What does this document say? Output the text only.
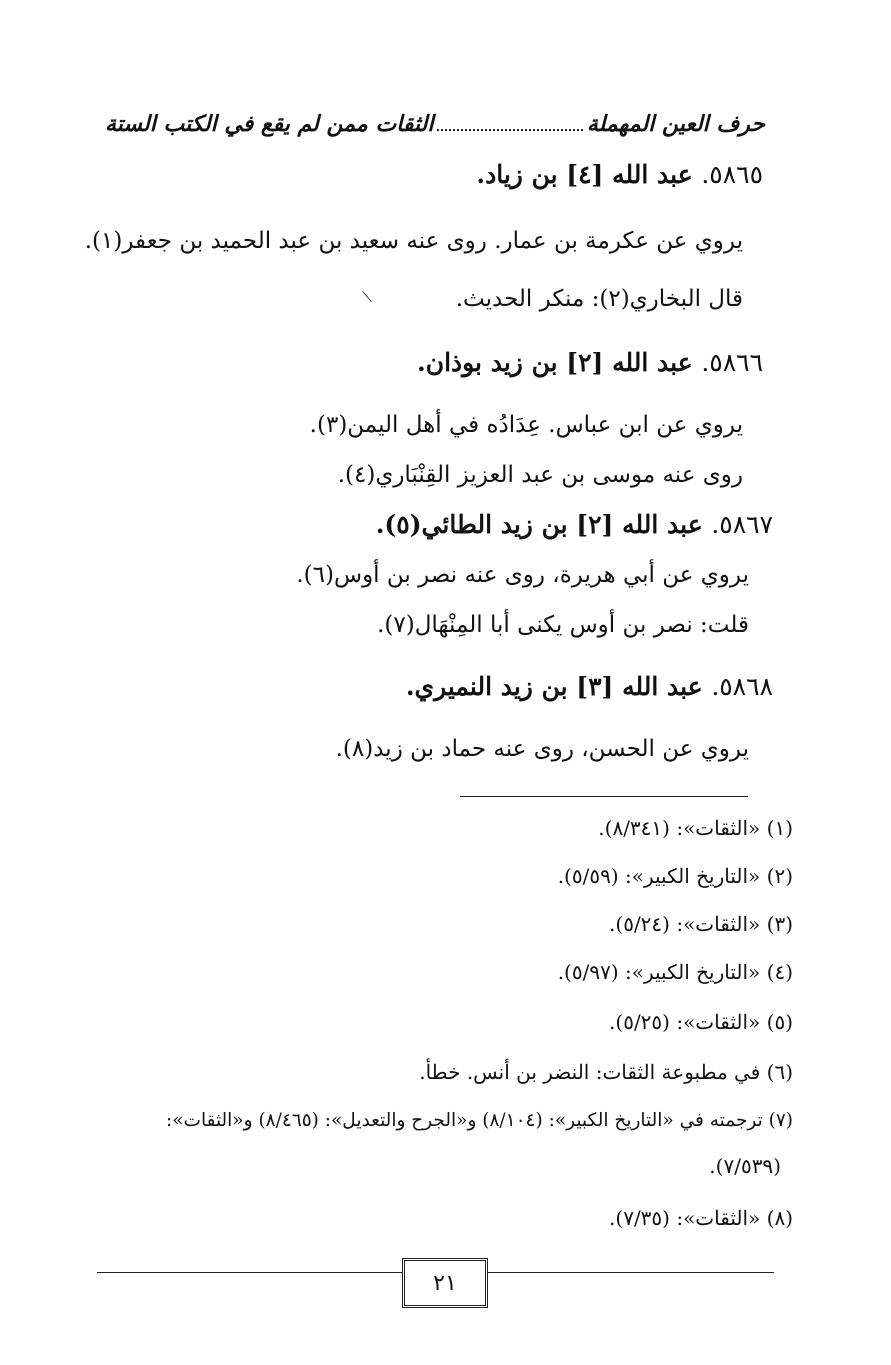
حرف العين المهملة
الثقات ممن لم يقع في الكتب الستة
٥٨٦٥. عبد الله [٤] بن زياد.
يروي عن عكرمة بن عمار. روى عنه سعيد بن عبد الحميد بن جعفر(١).
قال البخاري(٢): منكر الحديث.
٥٨٦٦. عبد الله [٢] بن زيد بوذان.
يروي عن ابن عباس. عِدَادُه في أهل اليمن(٣).
روى عنه موسى بن عبد العزيز القِنْبَاري(٤).
٥٨٦٧. عبد الله [٢] بن زيد الطائي(٥).
يروي عن أبي هريرة، روى عنه نصر بن أوس(٦).
قلت: نصر بن أوس يكنى أبا المِنْهَال(٧).
٥٨٦٨. عبد الله [٣] بن زيد النميري.
يروي عن الحسن، روى عنه حماد بن زيد(٨).
(١) «الثقات»: (٨/٣٤١).
(٢) «التاريخ الكبير»: (٥/٥٩).
(٣) «الثقات»: (٥/٢٤).
(٤) «التاريخ الكبير»: (٥/٩٧).
(٥) «الثقات»: (٥/٢٥).
(٦) في مطبوعة الثقات: النضر بن أنس. خطأ.
(٧) ترجمته في «التاريخ الكبير»: (٨/١٠٤) و«الجرح والتعديل»: (٨/٤٦٥) و«الثقات»:
(٧/٥٣٩).
(٨) «الثقات»: (٧/٣٥).
٢١
